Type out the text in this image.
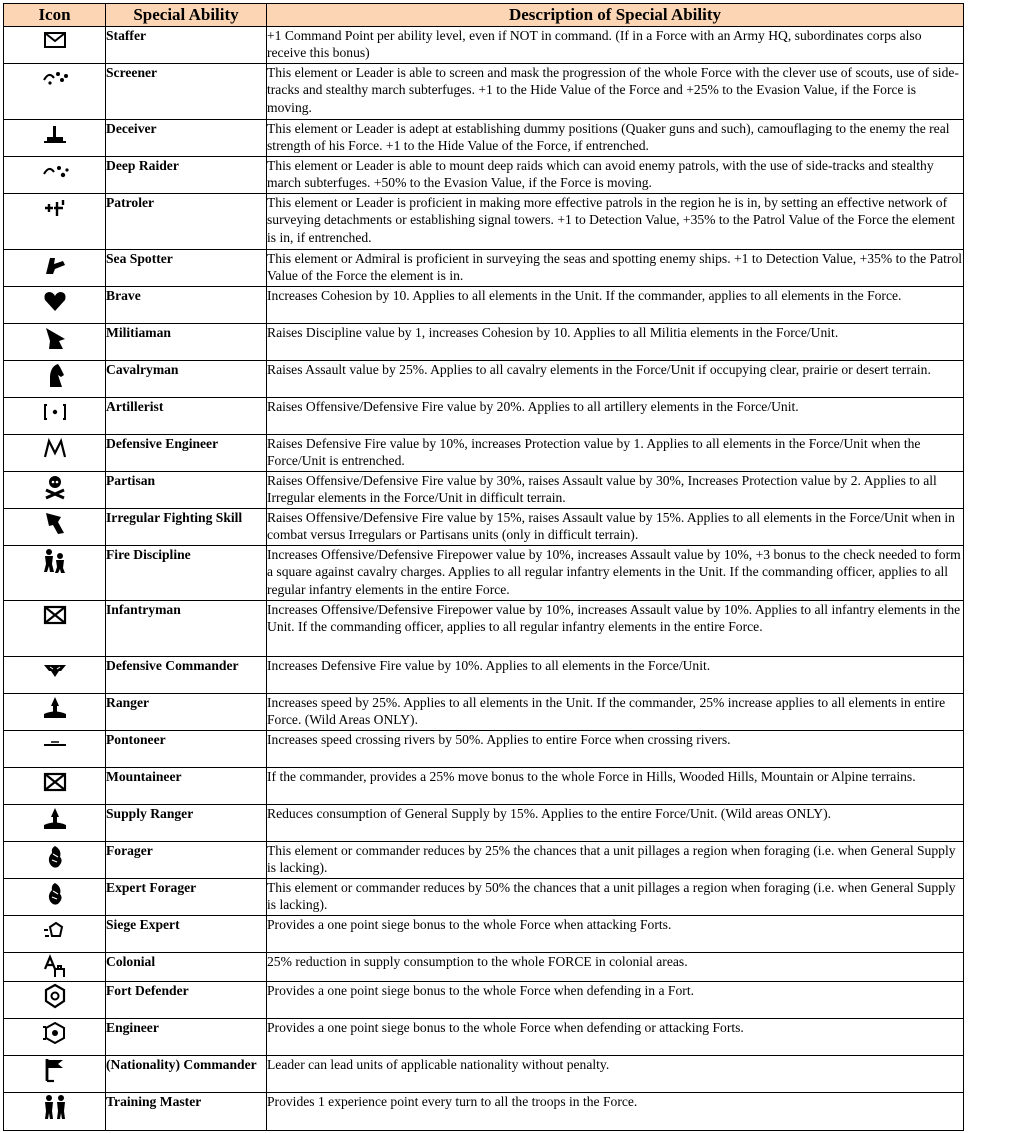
Icon	Special Ability	Description of Special Ability

	Staffer	+1 Command Point per ability level, even if NOT in command. (If in a Force with an Army HQ, subordinates corps also receive this bonus)

	Screener	This element or Leader is able to screen and mask the progression of the whole Force with the clever use of scouts, use of side-tracks and stealthy march subterfuges. +1 to the Hide Value of the Force and +25% to the Evasion Value, if the Force is moving.

	Deceiver	This element or Leader is adept at establishing dummy positions (Quaker guns and such), camouflaging to the enemy the real strength of his Force. +1 to the Hide Value of the Force, if entrenched.

	Deep Raider	This element or Leader is able to mount deep raids which can avoid enemy patrols, with the use of side-tracks and stealthy march subterfuges. +50% to the Evasion Value, if the Force is moving.

	Patroler	This element or Leader is proficient in making more effective patrols in the region he is in, by setting an effective network of surveying detachments or establishing signal towers. +1 to Detection Value, +35% to the Patrol Value of the Force the element is in, if entrenched.

	Sea Spotter	This element or Admiral is proficient in surveying the seas and spotting enemy ships. +1 to Detection Value, +35% to the Patrol Value of the Force the element is in.

	Brave	Increases Cohesion by 10. Applies to all elements in the Unit. If the commander, applies to all elements in the Force.

	Militiaman	Raises Discipline value by 1, increases Cohesion by 10. Applies to all Militia elements in the Force/Unit.

	Cavalryman	Raises Assault value by 25%. Applies to all cavalry elements in the Force/Unit if occupying clear, prairie or desert terrain.

	Artillerist	Raises Offensive/Defensive Fire value by 20%. Applies to all artillery elements in the Force/Unit.

	Defensive Engineer	Raises Defensive Fire value by 10%, increases Protection value by 1. Applies to all elements in the Force/Unit when the Force/Unit is entrenched.

	Partisan	Raises Offensive/Defensive Fire value by 30%, raises Assault value by 30%, Increases Protection value by 2. Applies to all Irregular elements in the Force/Unit in difficult terrain.

	Irregular Fighting Skill	Raises Offensive/Defensive Fire value by 15%, raises Assault value by 15%. Applies to all elements in the Force/Unit when in combat versus Irregulars or Partisans units (only in difficult terrain).

	Fire Discipline	Increases Offensive/Defensive Firepower value by 10%, increases Assault value by 10%, +3 bonus to the check needed to form a square against cavalry charges. Applies to all regular infantry elements in the Unit. If the commanding officer, applies to all regular infantry elements in the entire Force.

	Infantryman	Increases Offensive/Defensive Firepower value by 10%, increases Assault value by 10%. Applies to all infantry elements in the Unit. If the commanding officer, applies to all regular infantry elements in the entire Force.

	Defensive Commander	Increases Defensive Fire value by 10%. Applies to all elements in the Force/Unit.

	Ranger	Increases speed by 25%. Applies to all elements in the Unit. If the commander, 25% increase applies to all elements in entire Force. (Wild Areas ONLY).

	Pontoneer	Increases speed crossing rivers by 50%. Applies to entire Force when crossing rivers.

	Mountaineer	If the commander, provides a 25% move bonus to the whole Force in Hills, Wooded Hills, Mountain or Alpine terrains.

	Supply Ranger	Reduces consumption of General Supply by 15%. Applies to the entire Force/Unit. (Wild areas ONLY).

	Forager	This element or commander reduces by 25% the chances that a unit pillages a region when foraging (i.e. when General Supply is lacking).

	Expert Forager	This element or commander reduces by 50% the chances that a unit pillages a region when foraging (i.e. when General Supply is lacking).

	Siege Expert	Provides a one point siege bonus to the whole Force when attacking Forts.

	Colonial	25% reduction in supply consumption to the whole FORCE in colonial areas.

	Fort Defender	Provides a one point siege bonus to the whole Force when defending in a Fort.

	Engineer	Provides a one point siege bonus to the whole Force when defending or attacking Forts.

	(Nationality) Commander	Leader can lead units of applicable nationality without penalty.

	Training Master	Provides 1 experience point every turn to all the troops in the Force.
